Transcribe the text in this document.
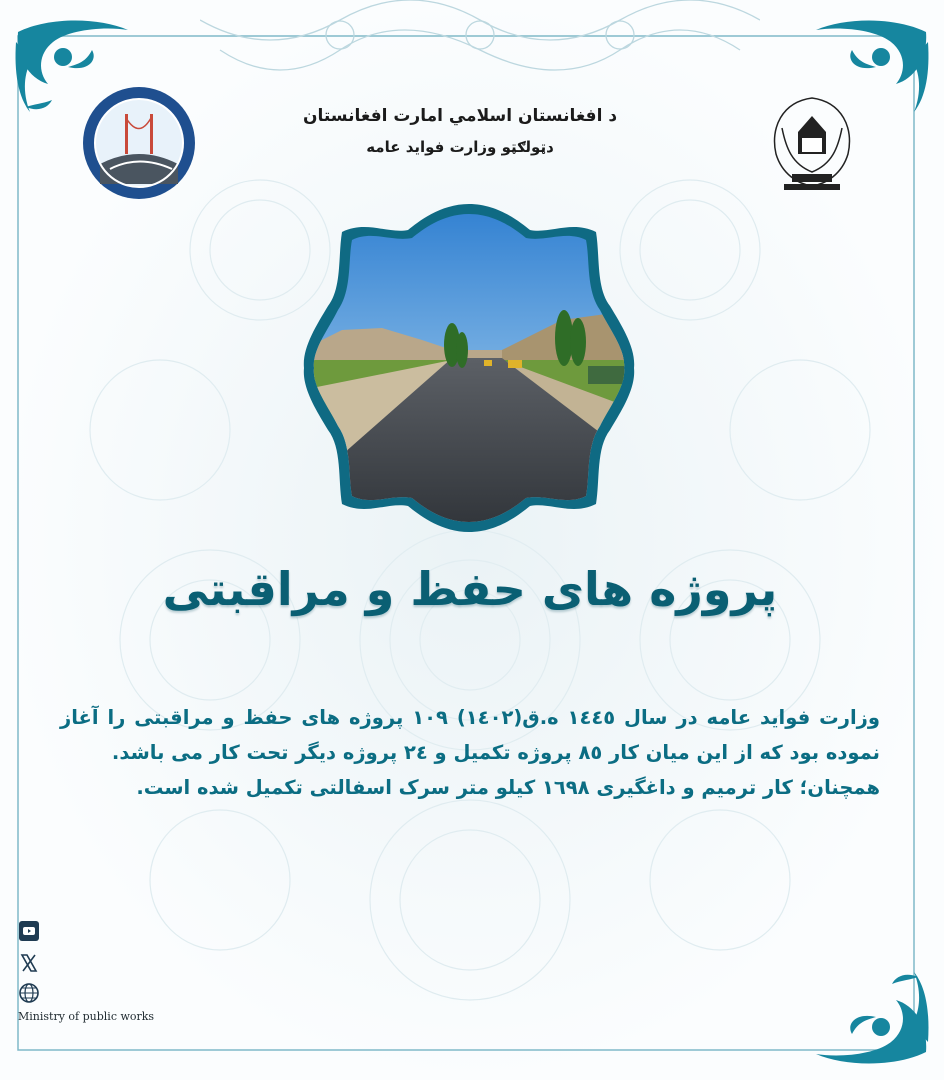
د افغانستان اسلامي امارت افغانستان
دټولګټو وزارت فواید عامه
پروژه های حفظ و مراقبتی

وزارت فواید عامه در سال ١٤٤٥ ه.ق(١٤٠٢) ١٠٩ پروژه های حفظ و مراقبتی را آغاز نموده بود که از این میان کار ٨٥ پروژه تکمیل و ٢٤ پروژه دیگر تحت کار می باشد.

همچنان؛ کار ترمیم و داغگیری ١٦٩٨ کیلو متر سرک اسفالتی تکمیل شده است.

Ministry of public works
